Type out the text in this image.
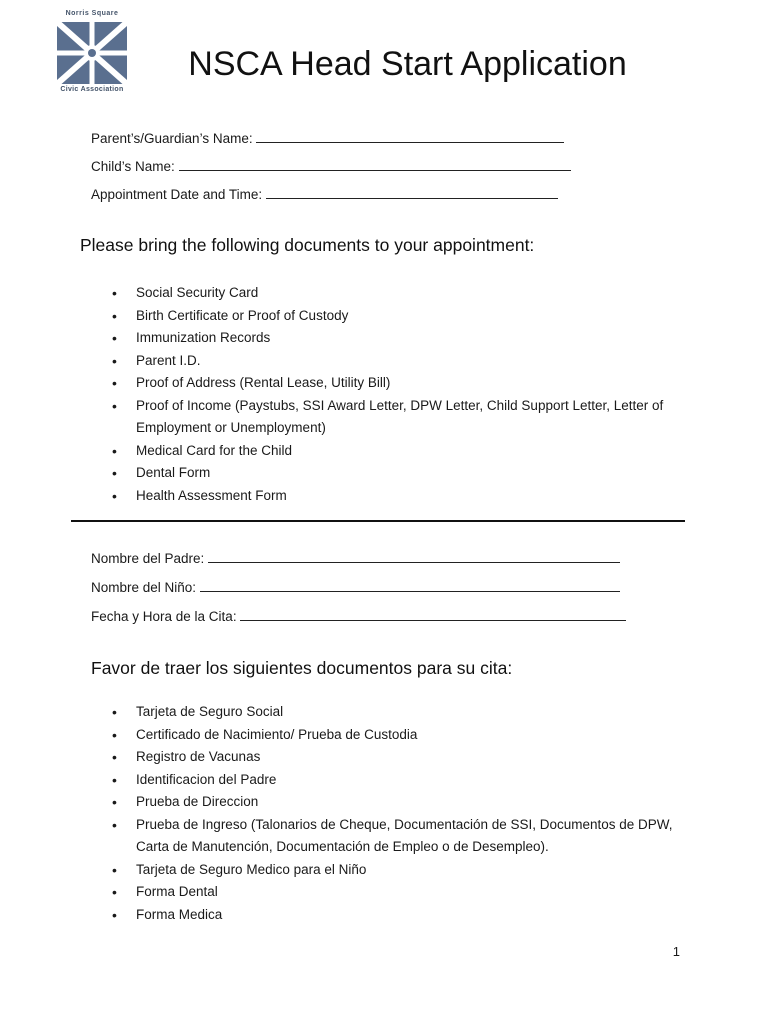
Norris Square
Civic Association
NSCA Head Start Application
Parent’s/Guardian’s Name:
Child’s Name:
Appointment Date and Time:
Please bring the following documents to your appointment:
• Social Security Card
• Birth Certificate or Proof of Custody
• Immunization Records
• Parent I.D.
• Proof of Address (Rental Lease, Utility Bill)
• Proof of Income (Paystubs, SSI Award Letter, DPW Letter, Child Support Letter, Letter of
Employment or Unemployment)
• Medical Card for the Child
• Dental Form
• Health Assessment Form
Nombre del Padre:
Nombre del Niño:
Fecha y Hora de la Cita:
Favor de traer los siguientes documentos para su cita:
• Tarjeta de Seguro Social
• Certificado de Nacimiento/ Prueba de Custodia
• Registro de Vacunas
• Identificacion del Padre
• Prueba de Direccion
• Prueba de Ingreso (Talonarios de Cheque, Documentación de SSI, Documentos de DPW,
Carta de Manutención, Documentación de Empleo o de Desempleo).
• Tarjeta de Seguro Medico para el Niño
• Forma Dental
• Forma Medica
1
